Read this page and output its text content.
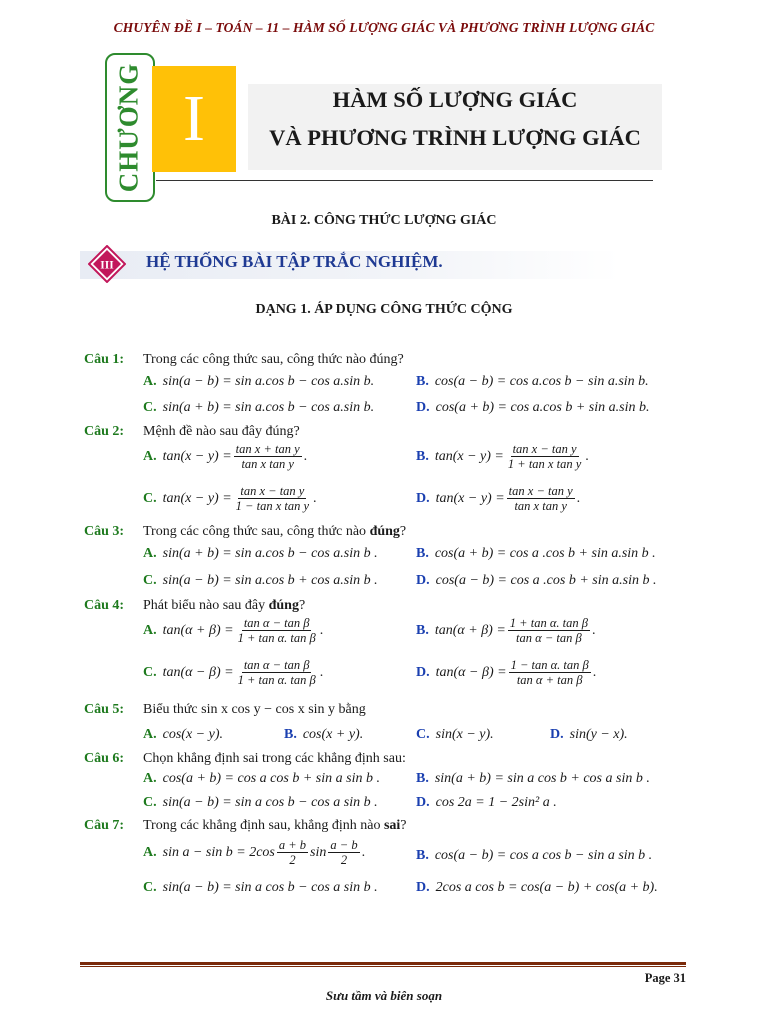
CHUYÊN ĐỀ I – TOÁN – 11 – HÀM SỐ LƯỢNG GIÁC VÀ PHƯƠNG TRÌNH LƯỢNG GIÁC
CHƯƠNG I	HÀM SỐ LƯỢNG GIÁC
VÀ PHƯƠNG TRÌNH LƯỢNG GIÁC
BÀI 2. CÔNG THỨC LƯỢNG GIÁC
III HỆ THỐNG BÀI TẬP TRẮC NGHIỆM.
DẠNG 1. ÁP DỤNG CÔNG THỨC CỘNG
Câu 1: Trong các công thức sau, công thức nào đúng?
A. sin(a − b) = sin a.cos b − cos a.sin b.	B. cos(a − b) = cos a.cos b − sin a.sin b.
C. sin(a + b) = sin a.cos b − cos a.sin b.	D. cos(a + b) = cos a.cos b + sin a.sin b.
Câu 2: Mệnh đề nào sau đây đúng?
A. $\tan(x - y) = \frac{\text{tan x + tan y}}{\text{tan x tan y}}$ .	B. $\tan(x - y) = \frac{\text{tan x − tan y}}{\text{1 + tan x tan y}}$ .
C. $\tan(x - y) = \frac{\text{tan x − tan y}}{\text{1 − tan x tan y}}$ .	D. $\tan(x - y) = \frac{\text{tan x − tan y}}{\text{tan x tan y}}$ .
Câu 3: Trong các công thức sau, công thức nào đúng?
A. sin(a + b) = sin a.cos b − cos a.sin b .	B. cos(a + b) = cos a .cos b + sin a.sin b .
C. sin(a − b) = sin a.cos b + cos a.sin b .	D. cos(a − b) = cos a .cos b + sin a.sin b .
Câu 4: Phát biểu nào sau đây đúng?
A. $\tan(\alpha + \beta) = \frac{\text{tan α − tan β}}{\text{1 + tan α. tan β}}$ .	B. $\tan(\alpha + \beta) = \frac{\text{1 + tan α. tan β}}{\text{tan α − tan β}}$ .
C. $\tan(\alpha - \beta) = \frac{\text{tan α − tan β}}{\text{1 + tan α. tan β}}$ .	D. $\tan(\alpha - \beta) = \frac{\text{1 − tan α. tan β}}{\text{tan α + tan β}}$ .
Câu 5: Biểu thức sin x cos y − cos x sin y bằng
A. cos(x − y).	B. cos(x + y).	C. sin(x − y).	D. sin(y − x).
Câu 6: Chọn khẳng định sai trong các khẳng định sau:
A. cos(a + b) = cos a cos b + sin a sin b .	B. sin(a + b) = sin a cos b + cos a sin b .
C. sin(a − b) = sin a cos b − cos a sin b .	D. cos 2a = 1 − 2sin² a .
Câu 7: Trong các khẳng định sau, khẳng định nào sai?
A. $\sin a - \sin b = 2\cos \frac{a + b}{2}$ $\sin \frac{a - b}{2}$ .	B. cos(a − b) = cos a cos b − sin a sin b .
C. sin(a − b) = sin a cos b − cos a sin b .	D. 2cos a cos b = cos(a − b) + cos(a + b).
Page 31
Sưu tầm và biên soạn
